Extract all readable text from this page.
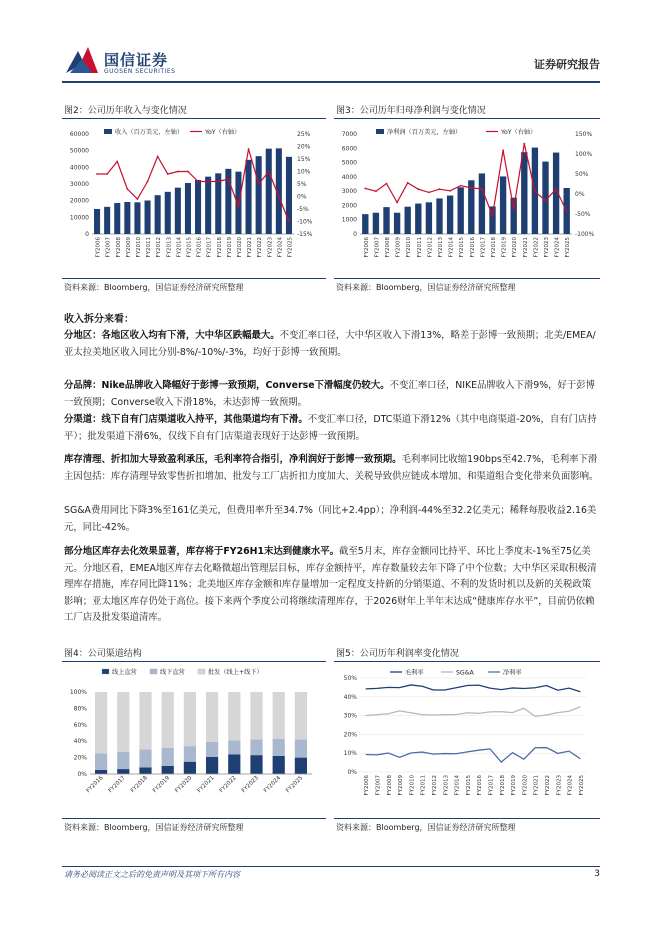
国信证券
GUOSEN SECURITIES
证券研究报告
图2：公司历年收入与变化情况
0
10000
20000
30000
40000
50000
60000
-15%
-10%
-5%
0%
5%
10%
15%
20%
25%
收入（百万美元，左轴）	YoY（右轴）
FY2006 FY2007 FY2008 FY2009 FY2010 FY2011 FY2012 FY2013 FY2014 FY2015 FY2016 FY2017 FY2018 FY2019 FY2020 FY2021 FY2022 FY2023 FY2024 FY2025
资料来源：Bloomberg，国信证券经济研究所整理
图3：公司历年归母净利润与变化情况
0
1000
2000
3000
4000
5000
6000
7000
-100%
-50%
0%
50%
100%
150%
净利润（百万美元，左轴）	YoY（右轴）
FY2006 FY2007 FY2008 FY2009 FY2010 FY2011 FY2012 FY2013 FY2014 FY2015 FY2016 FY2017 FY2018 FY2019 FY2020 FY2021 FY2022 FY2023 FY2024 FY2025
资料来源：Bloomberg，国信证券经济研究所整理
收入拆分来看：

分地区：各地区收入均有下滑，大中华区跌幅最大。不变汇率口径，大中华区收入下滑13%，略差于彭博一致预期；北美/EMEA/亚太拉美地区收入同比分别-8%/-10%/-3%，均好于彭博一致预期。

分品牌：Nike品牌收入降幅好于彭博一致预期，Converse下滑幅度仍较大。不变汇率口径，NIKE品牌收入下滑9%，好于彭博一致预期；Converse收入下滑18%，未达彭博一致预期。

分渠道：线下自有门店渠道收入持平，其他渠道均有下滑。不变汇率口径，DTC渠道下滑12%（其中电商渠道-20%，自有门店持平）；批发渠道下滑6%，仅线下自有门店渠道表现好于达彭博一致预期。

库存清理、折扣加大导致盈利承压，毛利率符合指引，净利润好于彭博一致预期。毛利率同比收缩190bps至42.7%，毛利率下滑主因包括：库存清理导致零售折扣增加、批发与工厂店折扣力度加大、关税导致供应链成本增加、和渠道组合变化带来负面影响。

SG&A费用同比下降3%至161亿美元，但费用率升至34.7%（同比+2.4pp）；净利润-44%至32.2亿美元；稀释每股收益2.16美元，同比-42%。

部分地区库存去化效果显著，库存将于FY26H1末达到健康水平。截至5月末，库存金额同比持平、环比上季度末-1%至75亿美元。分地区看，EMEA地区库存去化略微超出管理层目标，库存金额持平，库存数量较去年下降了中个位数；大中华区采取积极清理库存措施，库存同比降11%；北美地区库存金额和库存量增加一定程度支持新的分销渠道、不利的发货时机以及新的关税政策影响；亚太地区库存仍处于高位。接下来两个季度公司将继续清理库存，于2026财年上半年末达成“健康库存水平”，目前仍依赖工厂店及批发渠道清库。

图4：公司渠道结构
0%
20%
40%
60%
80%
100%
线上直营	线下直营	批发（线上+线下）
FY2016 FY2017 FY2018 FY2019 FY2020 FY2021 FY2022 FY2023 FY2024 FY2025
资料来源：Bloomberg，国信证券经济研究所整理
图5：公司历年利润率变化情况
0%
10%
20%
30%
40%
50%
毛利率	SG&A	净利率
FY2006 FY2007 FY2008 FY2009 FY2010 FY2011 FY2012 FY2013 FY2014 FY2015 FY2016 FY2017 FY2018 FY2019 FY2020 FY2021 FY2022 FY2023 FY2024 FY2025
资料来源：Bloomberg，国信证券经济研究所整理
请务必阅读正文之后的免责声明及其项下所有内容	3
